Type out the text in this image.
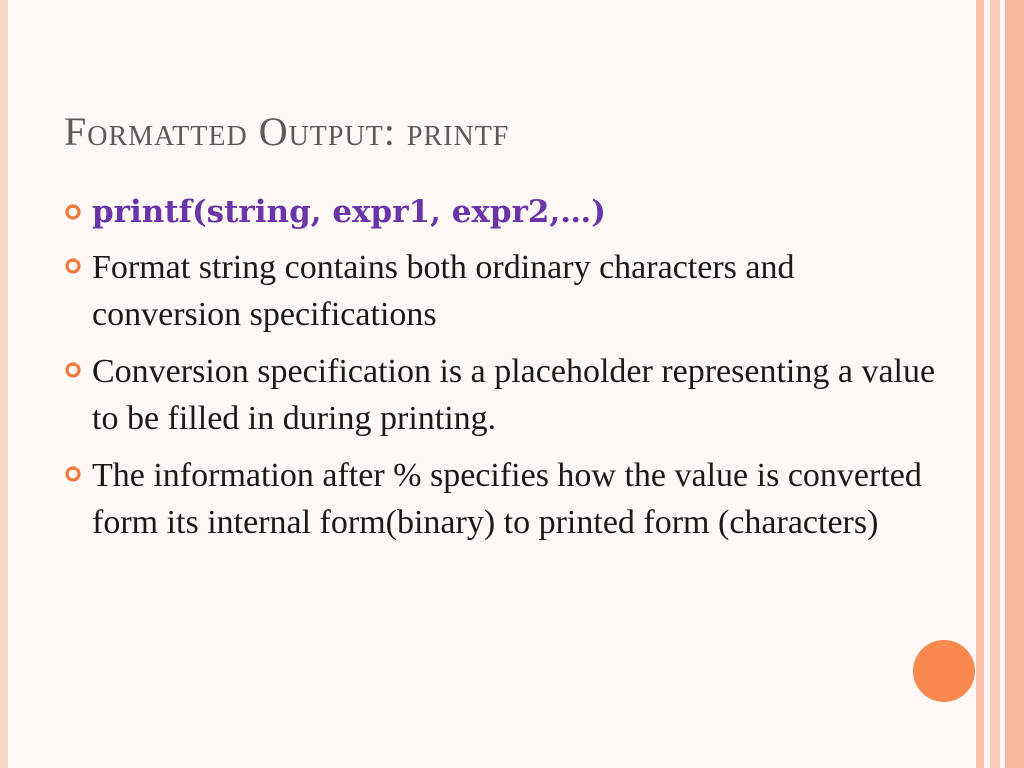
Formatted Output: printf
printf(string, expr1, expr2,…)
Format string contains both ordinary characters and conversion specifications
Conversion specification is a placeholder representing a value to be filled in during printing.
The information after % specifies how the value is converted form its internal form(binary) to printed form (characters)
